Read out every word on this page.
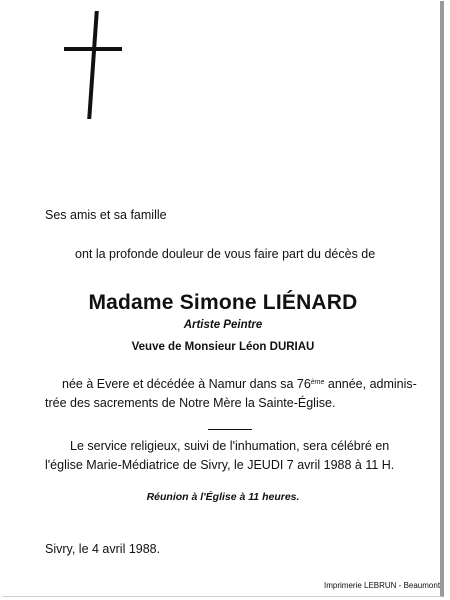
Ses amis et sa famille
ont la profonde douleur de vous faire part du décès de
Madame Simone LIÉNARD
Artiste Peintre
Veuve de Monsieur Léon DURIAU
née à Evere et décédée à Namur dans sa 76ème année, adminis-
trée des sacrements de Notre Mère la Sainte-Église.
Le service religieux, suivi de l'inhumation, sera célébré en
l'église Marie-Médiatrice de Sivry, le JEUDI 7 avril 1988 à 11 H.
Réunion à l'Église à 11 heures.
Sivry, le 4 avril 1988.
Imprimerie LEBRUN - Beaumont
